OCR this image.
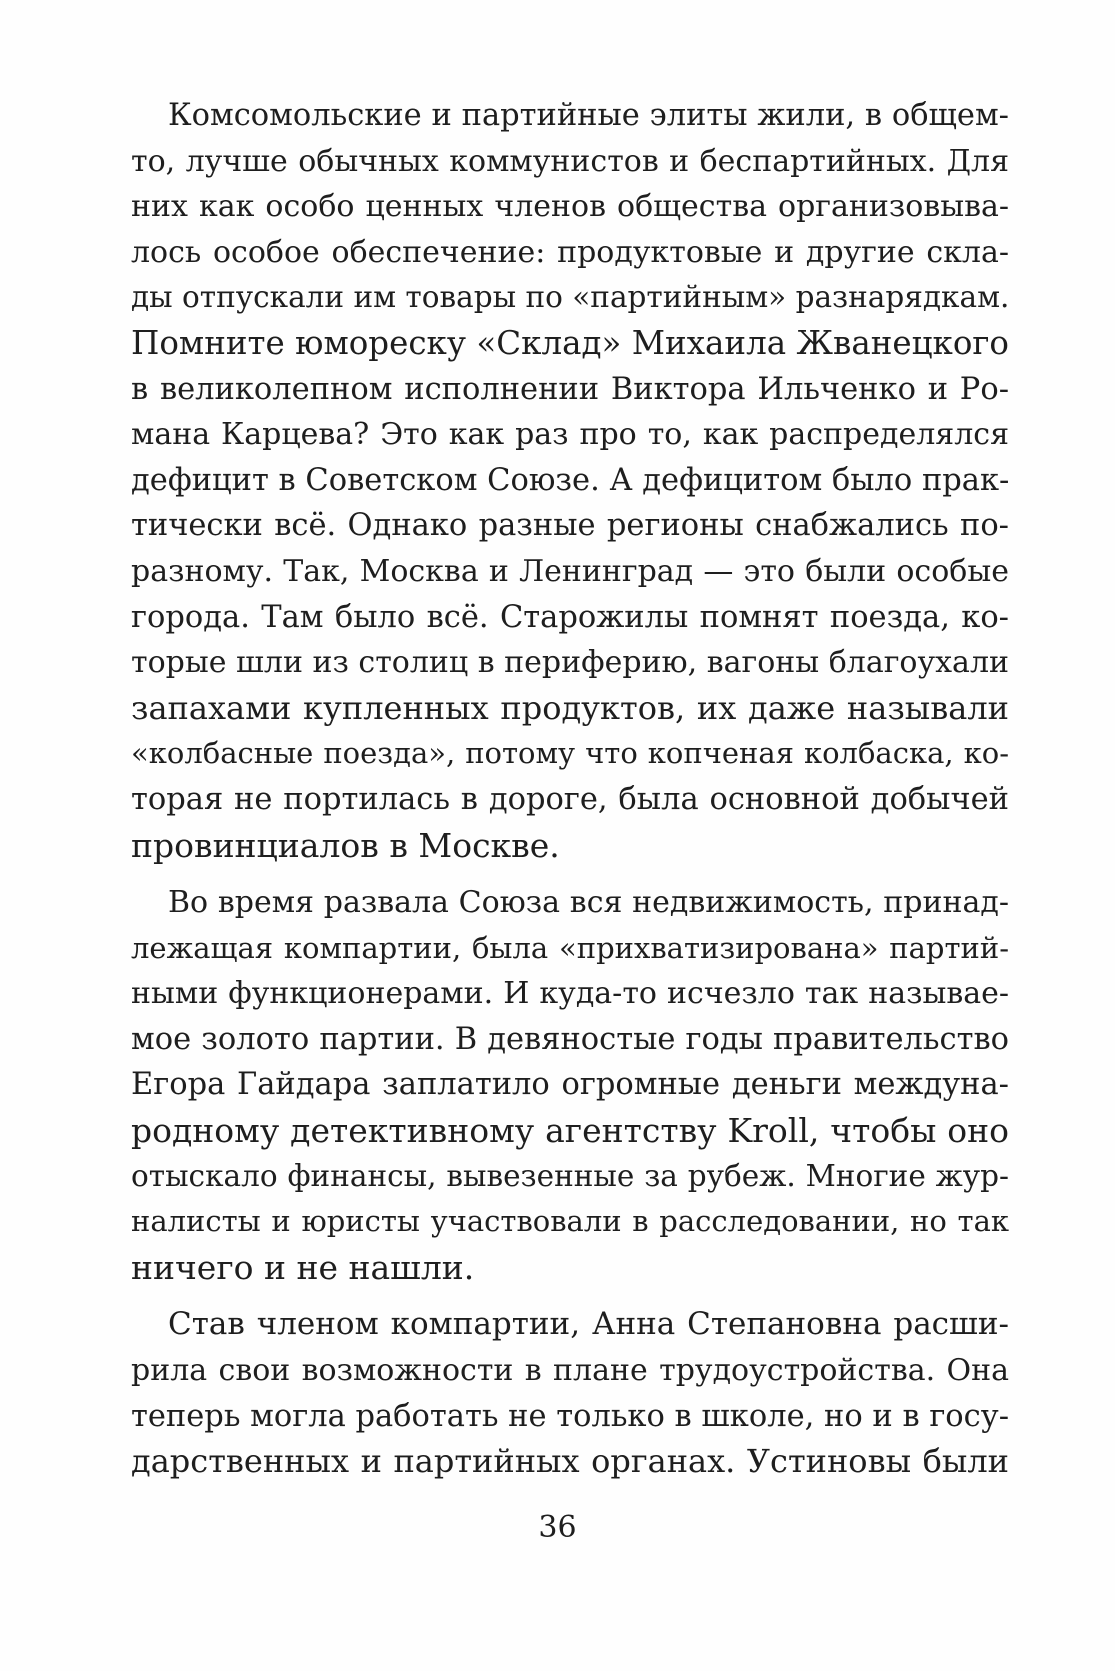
Комсомольские и партийные элиты жили, в общем-
то, лучше обычных коммунистов и беспартийных. Для
них как особо ценных членов общества организовыва-
лось особое обеспечение: продуктовые и другие скла-
ды отпускали им товары по «партийным» разнарядкам.
Помните юмореску «Склад» Михаила Жванецкого
в великолепном исполнении Виктора Ильченко и Ро-
мана Карцева? Это как раз про то, как распределялся
дефицит в Советском Союзе. А дефицитом было прак-
тически всё. Однако разные регионы снабжались по-
разному. Так, Москва и Ленинград — это были особые
города. Там было всё. Старожилы помнят поезда, ко-
торые шли из столиц в периферию, вагоны благоухали
запахами купленных продуктов, их даже называли
«колбасные поезда», потому что копченая колбаска, ко-
торая не портилась в дороге, была основной добычей
провинциалов в Москве.
Во время развала Союза вся недвижимость, принад-
лежащая компартии, была «прихватизирована» партий-
ными функционерами. И куда-то исчезло так называе-
мое золото партии. В девяностые годы правительство
Егора Гайдара заплатило огромные деньги междуна-
родному детективному агентству Kroll, чтобы оно
отыскало финансы, вывезенные за рубеж. Многие жур-
налисты и юристы участвовали в расследовании, но так
ничего и не нашли.
Став членом компартии, Анна Степановна расши-
рила свои возможности в плане трудоустройства. Она
теперь могла работать не только в школе, но и в госу-
дарственных и партийных органах. Устиновы были
36
